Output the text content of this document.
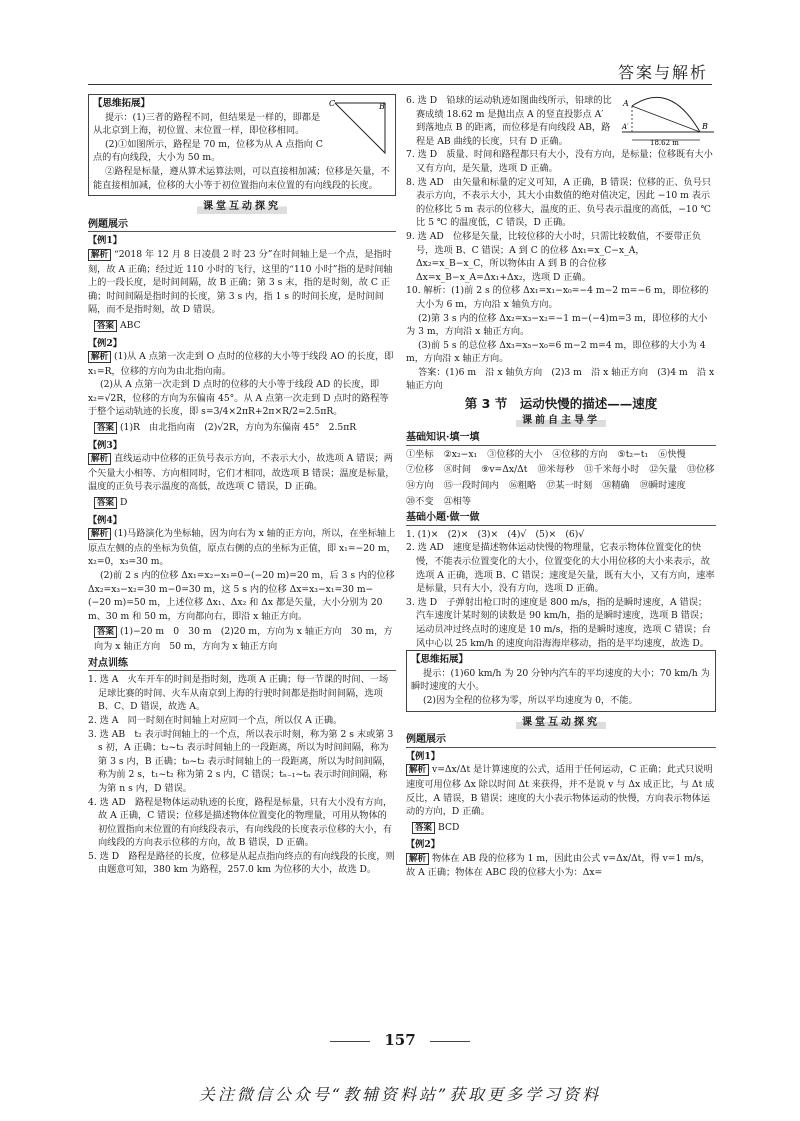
答案与解析
C	B
【思维拓展】

提示：(1)三者的路程不同，但结果是一样的，即都是从北京到上海，初位置、末位置一样，即位移相同。

(2)①如图所示，路程是 70 m，位移为从 A 点指向 C 点的有向线段，大小为 50 m。

②路程是标量，遵从算术运算法则，可以直接相加减；位移是矢量，不能直接相加减，位移的大小等于初位置指向末位置的有向线段的长度。

课堂互动探究
例题展示
【例1】

解析 “2018 年 12 月 8 日凌晨 2 时 23 分”在时间轴上是一个点，是指时刻，故 A 正确；经过近 110 小时的飞行，这里的“110 小时”指的是时间轴上的一段长度，是时间间隔，故 B 正确；第 3 s 末，指的是时刻，故 C 正确；时间间隔是指时间的长度，第 3 s 内，指 1 s 的时间长度，是时间间隔，而不是指时刻，故 D 错误。

答案 ABC

【例2】

解析 (1)从 A 点第一次走到 O 点时的位移的大小等于线段 AO 的长度，即 x₁=R，位移的方向为由北指向南。

(2)从 A 点第一次走到 D 点时的位移的大小等于线段 AD 的长度，即 x₂=√2R，位移的方向为东偏南 45°。从 A 点第一次走到 D 点时的路程等于整个运动轨迹的长度，即 s=3/4×2πR+2π×R/2=2.5πR。

答案 (1)R　由北指向南　(2)√2R，方向为东偏南 45°　2.5πR

【例3】

解析 直线运动中位移的正负号表示方向，不表示大小，故选项 A 错误；两个矢量大小相等、方向相同时，它们才相同，故选项 B 错误；温度是标量，温度的正负号表示温度的高低，故选项 C 错误，D 正确。

答案 D

【例4】

解析 (1)马路演化为坐标轴，因为向右为 x 轴的正方向，所以，在坐标轴上原点左侧的点的坐标为负值，原点右侧的点的坐标为正值，即 x₁=−20 m，x₂=0，x₃=30 m。

(2)前 2 s 内的位移 Δx₁=x₂−x₁=0−(−20 m)=20 m，后 3 s 内的位移 Δx₂=x₃−x₂=30 m−0=30 m，这 5 s 内的位移 Δx=x₃−x₁=30 m−(−20 m)=50 m，上述位移 Δx₁、Δx₂ 和 Δx 都是矢量，大小分别为 20 m、30 m 和 50 m，方向都向右，即沿 x 轴正方向。

答案 (1)−20 m　0　30 m　(2)20 m，方向为 x 轴正方向　30 m，方向为 x 轴正方向　50 m，方向为 x 轴正方向

对点训练

1. 选 A　火车开车的时间是指时刻，选项 A 正确；每一节课的时间、一场足球比赛的时间、火车从南京到上海的行驶时间都是指时间间隔，选项 B、C、D 错误，故选 A。

2. 选 A　同一时刻在时间轴上对应同一个点，所以仅 A 正确。

3. 选 AB　t₂ 表示时间轴上的一个点，所以表示时刻，称为第 2 s 末或第 3 s 初，A 正确；t₂~t₃ 表示时间轴上的一段距离，所以为时间间隔，称为第 3 s 内，B 正确；t₀~t₂ 表示时间轴上的一段距离，所以为时间间隔，称为前 2 s，t₁~t₂ 称为第 2 s 内，C 错误；tₙ₋₁~tₙ 表示时间间隔，称为第 n s 内，D 错误。

4. 选 AD　路程是物体运动轨迹的长度，路程是标量，只有大小没有方向，故 A 正确，C 错误；位移是描述物体位置变化的物理量，可用从物体的初位置指向末位置的有向线段表示，有向线段的长度表示位移的大小，有向线段的方向表示位移的方向，故 B 错误，D 正确。

5. 选 D　路程是路径的长度，位移是从起点指向终点的有向线段的长度，则由题意可知，380 km 为路程，257.0 km 为位移的大小，故选 D。

A
A′	B
18.62 m

6. 选 D　铅球的运动轨迹如图曲线所示，铅球的比赛成绩 18.62 m 是抛出点 A 的竖直投影点 A′ 到落地点 B 的距离，而位移是有向线段 AB，路程是 AB 曲线的长度，只有 D 正确。

7. 选 D　质量、时间和路程都只有大小，没有方向，是标量；位移既有大小又有方向，是矢量，选项 D 正确。

8. 选 AD　由矢量和标量的定义可知，A 正确，B 错误；位移的正、负号只表示方向，不表示大小，其大小由数值的绝对值决定，因此 −10 m 表示的位移比 5 m 表示的位移大，温度的正、负号表示温度的高低，−10 ℃ 比 5 ℃ 的温度低，C 错误，D 正确。

9. 选 AD　位移是矢量，比较位移的大小时，只需比较数值，不要带正负号，选项 B、C 错误；A 到 C 的位移 Δx₁=x_C−x_A，Δx₂=x_B−x_C，所以物体由 A 到 B 的合位移 Δx=x_B−x_A=Δx₁+Δx₂，选项 D 正确。

10. 解析：(1)前 2 s 的位移 Δx₁=x₁−x₀=−4 m−2 m=−6 m，即位移的大小为 6 m，方向沿 x 轴负方向。

(2)第 3 s 内的位移 Δx₂=x₃−x₂=−1 m−(−4)m=3 m，即位移的大小为 3 m，方向沿 x 轴正方向。

(3)前 5 s 的总位移 Δx₃=x₅−x₀=6 m−2 m=4 m，即位移的大小为 4 m，方向沿 x 轴正方向。

答案：(1)6 m　沿 x 轴负方向　(2)3 m　沿 x 轴正方向　(3)4 m　沿 x 轴正方向

第 3 节　运动快慢的描述——速度
课前自主导学
基础知识·填一填
①坐标 ②x₂−x₁ ③位移的大小 ④位移的方向 ⑤t₂−t₁ ⑥快慢
⑦位移 ⑧时间 ⑨v=Δx/Δt ⑩米每秒 ⑪千米每小时 ⑫矢量 ⑬位移
⑭方向 ⑮一段时间内 ⑯粗略 ⑰某一时刻 ⑱精确 ⑲瞬时速度
⑳不变 ㉑相等
基础小题·做一做

1. (1)×　(2)×　(3)×　(4)√　(5)×　(6)√

2. 选 AD　速度是描述物体运动快慢的物理量，它表示物体位置变化的快慢，不能表示位置变化的大小，位置变化的大小用位移的大小来表示，故选项 A 正确，选项 B、C 错误；速度是矢量，既有大小，又有方向，速率是标量，只有大小，没有方向，选项 D 正确。

3. 选 D　子弹射出枪口时的速度是 800 m/s，指的是瞬时速度，A 错误；汽车速度计某时刻的读数是 90 km/h，指的是瞬时速度，选项 B 错误；运动员冲过终点时的速度是 10 m/s，指的是瞬时速度，选项 C 错误；台风中心以 25 km/h 的速度向沿海海岸移动，指的是平均速度，故选 D。

【思维拓展】

提示：(1)60 km/h 为 20 分钟内汽车的平均速度的大小；70 km/h 为瞬时速度的大小。

(2)因为全程的位移为零，所以平均速度为 0，不能。

课堂互动探究
例题展示
【例1】

解析 v=Δx/Δt 是计算速度的公式，适用于任何运动，C 正确；此式只说明速度可用位移 Δx 除以时间 Δt 来获得，并不是说 v 与 Δx 成正比，与 Δt 成反比，A 错误，B 错误；速度的大小表示物体运动的快慢，方向表示物体运动的方向，D 正确。

答案 BCD

【例2】

解析 物体在 AB 段的位移为 1 m，因此由公式 v=Δx/Δt，得 v=1 m/s，故 A 正确；物体在 ABC 段的位移大小为：Δx=

157
关注微信公众号“教辅资料站”获取更多学习资料
